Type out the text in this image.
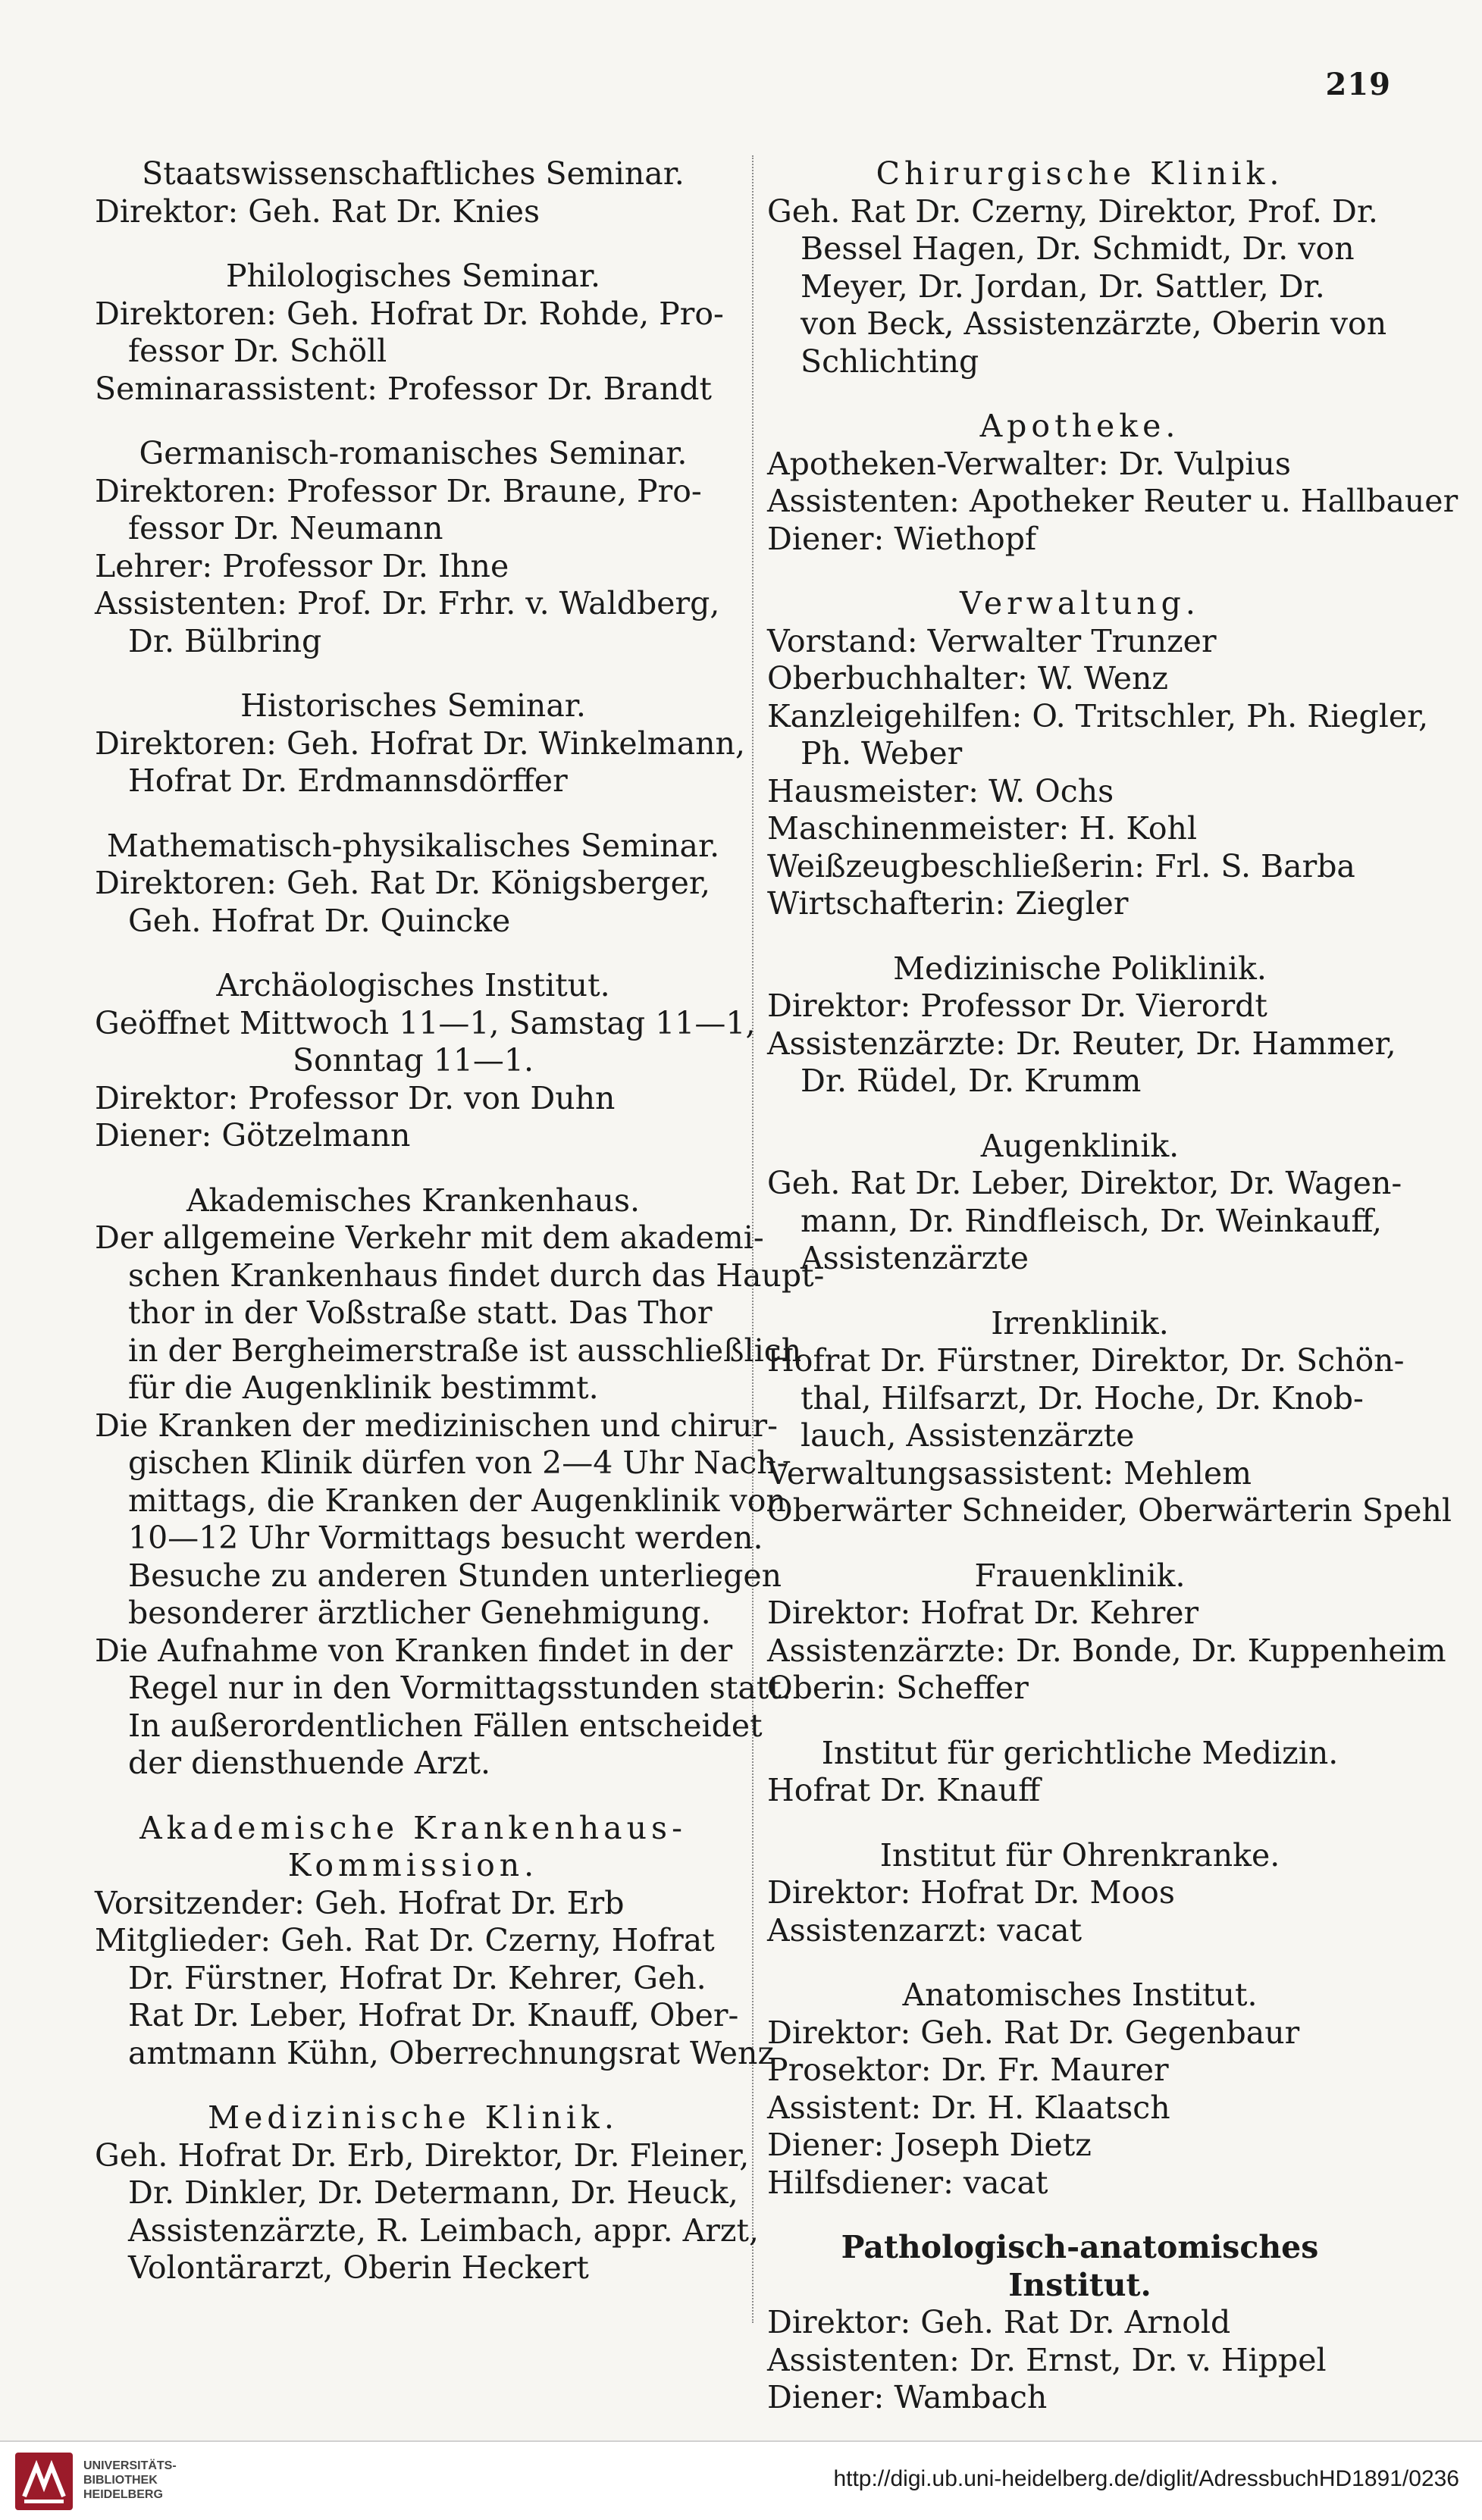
219

Staatswissenschaftliches Seminar.

Direktor: Geh. Rat Dr. Knies

Philologisches Seminar.

Direktoren: Geh. Hofrat Dr. Rohde, Pro-

fessor Dr. Schöll

Seminarassistent: Professor Dr. Brandt

Germanisch-romanisches Seminar.

Direktoren: Professor Dr. Braune, Pro-

fessor Dr. Neumann

Lehrer: Professor Dr. Ihne

Assistenten: Prof. Dr. Frhr. v. Waldberg,

Dr. Bülbring

Historisches Seminar.

Direktoren: Geh. Hofrat Dr. Winkelmann,

Hofrat Dr. Erdmannsdörffer

Mathematisch-physikalisches Seminar.

Direktoren: Geh. Rat Dr. Königsberger,

Geh. Hofrat Dr. Quincke

Archäologisches Institut.

Geöffnet Mittwoch 11—1, Samstag 11—1,

Sonntag 11—1.

Direktor: Professor Dr. von Duhn

Diener: Götzelmann

Akademisches Krankenhaus.

Der allgemeine Verkehr mit dem akademi-

schen Krankenhaus findet durch das Haupt-

thor in der Voßstraße statt. Das Thor

in der Bergheimerstraße ist ausschließlich

für die Augenklinik bestimmt.

Die Kranken der medizinischen und chirur-

gischen Klinik dürfen von 2—4 Uhr Nach-

mittags, die Kranken der Augenklinik von

10—12 Uhr Vormittags besucht werden.

Besuche zu anderen Stunden unterliegen

besonderer ärztlicher Genehmigung.

Die Aufnahme von Kranken findet in der

Regel nur in den Vormittagsstunden statt.

In außerordentlichen Fällen entscheidet

der diensthuende Arzt.

Akademische Krankenhaus-

Kommission.

Vorsitzender: Geh. Hofrat Dr. Erb

Mitglieder: Geh. Rat Dr. Czerny, Hofrat

Dr. Fürstner, Hofrat Dr. Kehrer, Geh.

Rat Dr. Leber, Hofrat Dr. Knauff, Ober-

amtmann Kühn, Oberrechnungsrat Wenz

Medizinische Klinik.

Geh. Hofrat Dr. Erb, Direktor, Dr. Fleiner,

Dr. Dinkler, Dr. Determann, Dr. Heuck,

Assistenzärzte, R. Leimbach, appr. Arzt,

Volontärarzt, Oberin Heckert

Chirurgische Klinik.

Geh. Rat Dr. Czerny, Direktor, Prof. Dr.

Bessel Hagen, Dr. Schmidt, Dr. von

Meyer, Dr. Jordan, Dr. Sattler, Dr.

von Beck, Assistenzärzte, Oberin von

Schlichting

Apotheke.

Apotheken-Verwalter: Dr. Vulpius

Assistenten: Apotheker Reuter u. Hallbauer

Diener: Wiethopf

Verwaltung.

Vorstand: Verwalter Trunzer

Oberbuchhalter: W. Wenz

Kanzleigehilfen: O. Tritschler, Ph. Riegler,

Ph. Weber

Hausmeister: W. Ochs

Maschinenmeister: H. Kohl

Weißzeugbeschließerin: Frl. S. Barba

Wirtschafterin: Ziegler

Medizinische Poliklinik.

Direktor: Professor Dr. Vierordt

Assistenzärzte: Dr. Reuter, Dr. Hammer,

Dr. Rüdel, Dr. Krumm

Augenklinik.

Geh. Rat Dr. Leber, Direktor, Dr. Wagen-

mann, Dr. Rindfleisch, Dr. Weinkauff,

Assistenzärzte

Irrenklinik.

Hofrat Dr. Fürstner, Direktor, Dr. Schön-

thal, Hilfsarzt, Dr. Hoche, Dr. Knob-

lauch, Assistenzärzte

Verwaltungsassistent: Mehlem

Oberwärter Schneider, Oberwärterin Spehl

Frauenklinik.

Direktor: Hofrat Dr. Kehrer

Assistenzärzte: Dr. Bonde, Dr. Kuppenheim

Oberin: Scheffer

Institut für gerichtliche Medizin.

Hofrat Dr. Knauff

Institut für Ohrenkranke.

Direktor: Hofrat Dr. Moos

Assistenzarzt: vacat

Anatomisches Institut.

Direktor: Geh. Rat Dr. Gegenbaur

Prosektor: Dr. Fr. Maurer

Assistent: Dr. H. Klaatsch

Diener: Joseph Dietz

Hilfsdiener: vacat

Pathologisch-anatomisches Institut.

Direktor: Geh. Rat Dr. Arnold

Assistenten: Dr. Ernst, Dr. v. Hippel

Diener: Wambach

UNIVERSITÄTS-
BIBLIOTHEK
HEIDELBERG
http://digi.ub.uni-heidelberg.de/diglit/AdressbuchHD1891/0236
